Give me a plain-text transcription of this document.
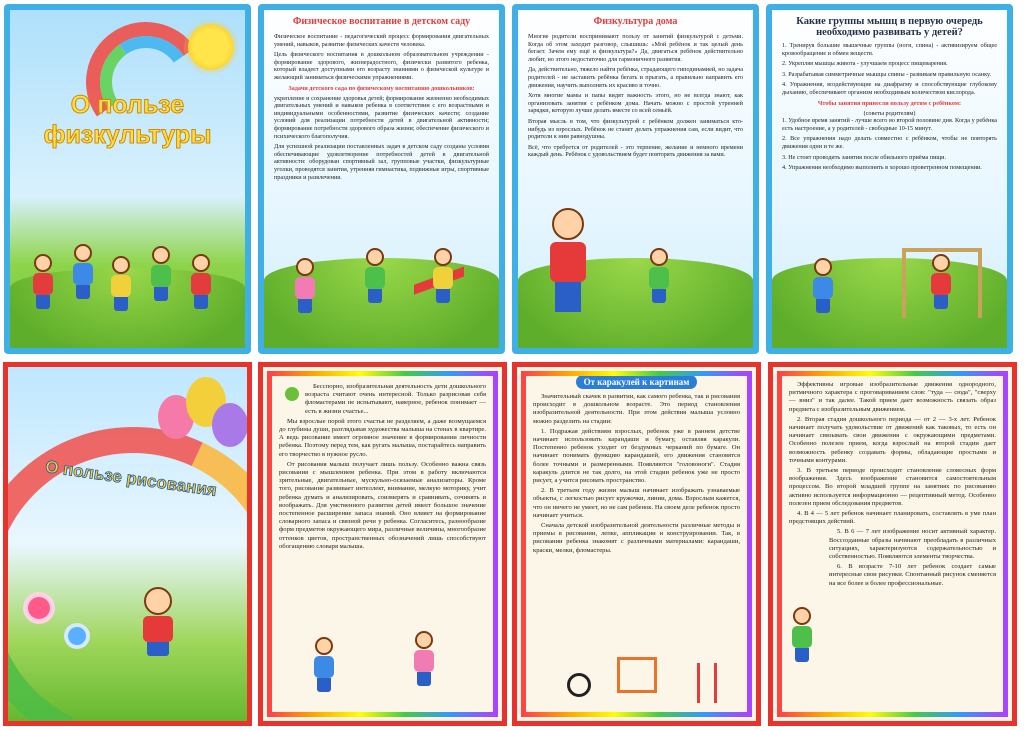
О пользе
физкультуры
Физическое воспитание в детском саду

Физическое воспитание - педагогический процесс формирования двигательных умений, навыков, развитие физических качеств человека.

Цель физического воспитания в дошкольном образовательном учреждении - формирование здорового, жизнерадостного, физически развитого ребенка, который владеет доступными его возрасту знаниями о физической культуре и желающий заниматься физическими упражнениями.

Задачи детского сада по физическому воспитанию дошкольников:

укрепление и сохранение здоровья детей; формирование жизненно необходимых двигательных умений и навыков ребенка в соответствии с его возрастными и индивидуальными особенностями, развитие физических качеств; создание условий для реализации потребности детей в двигательной активности; формирование потребности здорового образа жизни; обеспечение физического и психического благополучия.

Для успешной реализации поставленных задач в детском саду созданы условия обеспечивающие удовлетворение потребностей детей в двигательной активности: оборудован спортивный зал, групповые участки, физкультурные уголки, проводятся занятия, утренняя гимнастика, подвижные игры, спортивные праздники и развлечения.

Физкультура дома

Многие родители воспринимают пользу от занятий физкультурой с детьми. Когда об этом заходит разговор, слышишь: «Мой ребёнок и так целый день бегает. Зачем ему ещё и физкультура?» Да, двигаться ребёнок действительно любит, но этого недостаточно для гармоничного развития.

Да, действительно, тяжело найти ребёнка, страдающего гиподинамией, но задача родителей - не заставить ребёнка бегать и прыгать, а правильно направить его движения, научить выполнять их красиво и точно.

Хотя многие мамы и папы видят важность этого, но не всегда знают, как организовать занятия с ребёнком дома. Начать можно с простой утренней зарядки, которую лучше делать вместе со всей семьёй.

Вторая мысль в том, что физкультурой с ребёнком должен заниматься кто-нибудь из взрослых. Ребёнок не станет делать упражнения сам, если видит, что родители к ним равнодушны.

Всё, что требуется от родителей - это терпение, желание и немного времени каждый день. Ребёнок с удовольствием будет повторять движения за вами.

Какие группы мышц в первую очередь необходимо развивать у детей?

1. Тренируя большие мышечные группы (ноги, спина) - активизируем общее кровообращение и обмен веществ.

2. Укрепляя мышцы живота - улучшаем процесс пищеварения.

3. Разрабатывая симметричные мышцы спины - развиваем правильную осанку.

4. Упражнения, воздействующие на диафрагму и способствующие глубокому дыханию, обеспечивают организм необходимым количеством кислорода.

Чтобы занятия принесли пользу детям с ребёнком:
(советы родителям)

1. Удобное время занятий - лучше всего во второй половине дня. Когда у ребёнка есть настроение, а у родителей - свободные 10-15 минут.

2. Все упражнения надо делать совместно с ребёнком, чтобы не повторять движения одни и те же.

3. Не стоит проводить занятия после обильного приёма пищи.

4. Упражнения необходимо выполнять в хорошо проветренном помещении.

О пользе рисования

Бесспорно, изобразительная деятельность дети дошкольного возраста считают очень интересной. Только разрисовав себя фломастерами не испытывают, наверное, ребенок понимает — есть в жизни счастье...

Мы взрослые порой этого счастья не разделяем, а даже возмущаемся до глубины души, разглядывая художества малыша на стенах в квартире. А ведь рисование имеет огромное значение в формировании личности ребенка. Поэтому перед тем, как ругать малыша, постарайтесь направить его творчество в нужное русло.

От рисования малыш получает лишь пользу. Особенно важна связь рисования с мышлением ребенка. При этом в работу включаются зрительные, двигательные, мускульно-осязаемые анализаторы. Кроме того, рисование развивает интеллект, внимание, мелкую моторику, учит ребенка думать и анализировать, соизмерять и сравнивать, сочинять и воображать. Для умственного развития детей имеет большое значение постепенное расширение запаса знаний. Оно влияет на формирование словарного запаса и связной речи у ребенка. Согласитесь, разнообразие форм предметов окружающего мира, различные величины, многообразие оттенков цветов, пространственных обозначений лишь способствуют обогащению словаря малыша.

От каракулей к картинам

Значительный скачек в развитии, как самого ребенка, так и рисования происходит в дошкольном возрасте. Это период становления изобразительной деятельности. При этом действия малыша условно можно разделить на стадии:

1. Подражая действиям взрослых, ребенок уже в раннем детстве начинает использовать карандаши и бумагу, оставляя каракули. Постепенно ребенок уходит от бездумных черканий по бумаге. Он начинает понимать функцию карандашей, его движения становятся более точными и размеренными. Появляются "головоноги". Стадия каракуль длится не так долго, на этой стадии ребенок уже не просто рисует, а учится рисовать пространство.

2. В третьем году жизни малыш начинает изображать узнаваемые объекты, с легкостью рисует кружочки, линии, дома. Взрослым кажется, что он ничего не умеет, но не сам ребенок. На своем деле ребенок просто начинает учиться.

Сначала детской изобразительной деятельности различные методы и приемы в рисовании, лепке, аппликации и конструировании. Так, в рисовании ребенка знакомят с различными материалами: карандаши, краски, мелки, фломастеры.

Эффективны игровые изобразительные движения однородного, ритмичного характера с проговариванием слов: "туда — сюда", "сверху — вниз" и так далее. Такой прием дает возможность связать образ предмета с изобразительным движением.

2. Вторая стадия дошкольного периода — от 2 — 3-х лет. Ребенок начинает получать удовольствие от движений как таковых, то есть он начинает связывать свои движения с окружающими предметами. Особенно полезен прием, когда взрослый на второй стадии дает возможность ребенку создавать формы, обладающие простыми и точными контурами.

3. В третьем периоде происходит становление словесных форм воображения. Здесь воображение становится самостоятельным процессом. Во второй младшей группе на занятиях по рисованию активно используется информационно — рецептивный метод. Особенно полезен прием обследования предметов.

4. В 4 — 5 лет ребенок начинает планировать, составлять в уме план предстоящих действий.

5. В 6 — 7 лет изображение носит активный характер. Воссозданные образы начинают преобладать в различных ситуациях, характеризуются содержательностью и собственностью. Появляются элементы творчества.

6. В возрасте 7-10 лет ребенок создает самые интересные свои рисунки. Спонтанный рисунок сменяется на все более и более профессиональные.
